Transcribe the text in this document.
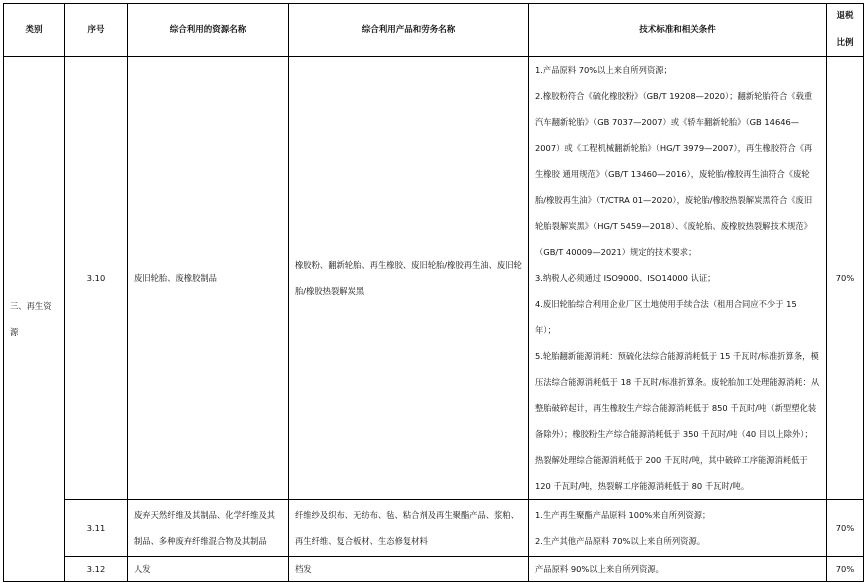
类别	序号	综合利用的资源名称	综合利用产品和劳务名称	技术标准和相关条件	退税
比例

三、再生资源	3.10	废旧轮胎、废橡胶制品	橡胶粉、翻新轮胎、再生橡胶、废旧轮胎/橡胶再生油、废旧轮胎/橡胶热裂解炭黑	1.产品原料 70%以上来自所列资源；
2.橡胶粉符合《硫化橡胶粉》（GB/T 19208—2020）；翻新轮胎符合《载重汽车翻新轮胎》（GB 7037—2007）或《轿车翻新轮胎》（GB 14646—2007）或《工程机械翻新轮胎》（HG/T 3979—2007），再生橡胶符合《再生橡胶 通用规范》（GB/T 13460—2016），废轮胎/橡胶再生油符合《废轮胎/橡胶再生油》（T/CTRA 01—2020），废轮胎/橡胶热裂解炭黑符合《废旧轮胎裂解炭黑》（HG/T 5459—2018）、《废轮胎、废橡胶热裂解技术规范》（GB/T 40009—2021）规定的技术要求；
3.纳税人必须通过 ISO9000、ISO14000 认证；
4.废旧轮胎综合利用企业厂区土地使用手续合法（租用合同应不少于 15 年）；
5.轮胎翻新能源消耗：预硫化法综合能源消耗低于 15 千瓦时/标准折算条，模压法综合能源消耗低于 18 千瓦时/标准折算条。废轮胎加工处理能源消耗：从整胎破碎起计，再生橡胶生产综合能源消耗低于 850 千瓦时/吨（新型塑化装备除外）；橡胶粉生产综合能源消耗低于 350 千瓦时/吨（40 目以上除外）；热裂解处理综合能源消耗低于 200 千瓦时/吨，其中破碎工序能源消耗低于 120 千瓦时/吨，热裂解工序能源消耗低于 80 千瓦时/吨。	70%
	3.11	废弃天然纤维及其制品、化学纤维及其制品、多种废弃纤维混合物及其制品	纤维纱及织布、无纺布、毡、粘合剂及再生聚酯产品、浆粕、再生纤维、复合板材、生态修复材料	1.生产再生聚酯产品原料 100%来自所列资源；
2.生产其他产品原料 70%以上来自所列资源。	70%
	3.12	人发	档发	产品原料 90%以上来自所列资源。	70%
